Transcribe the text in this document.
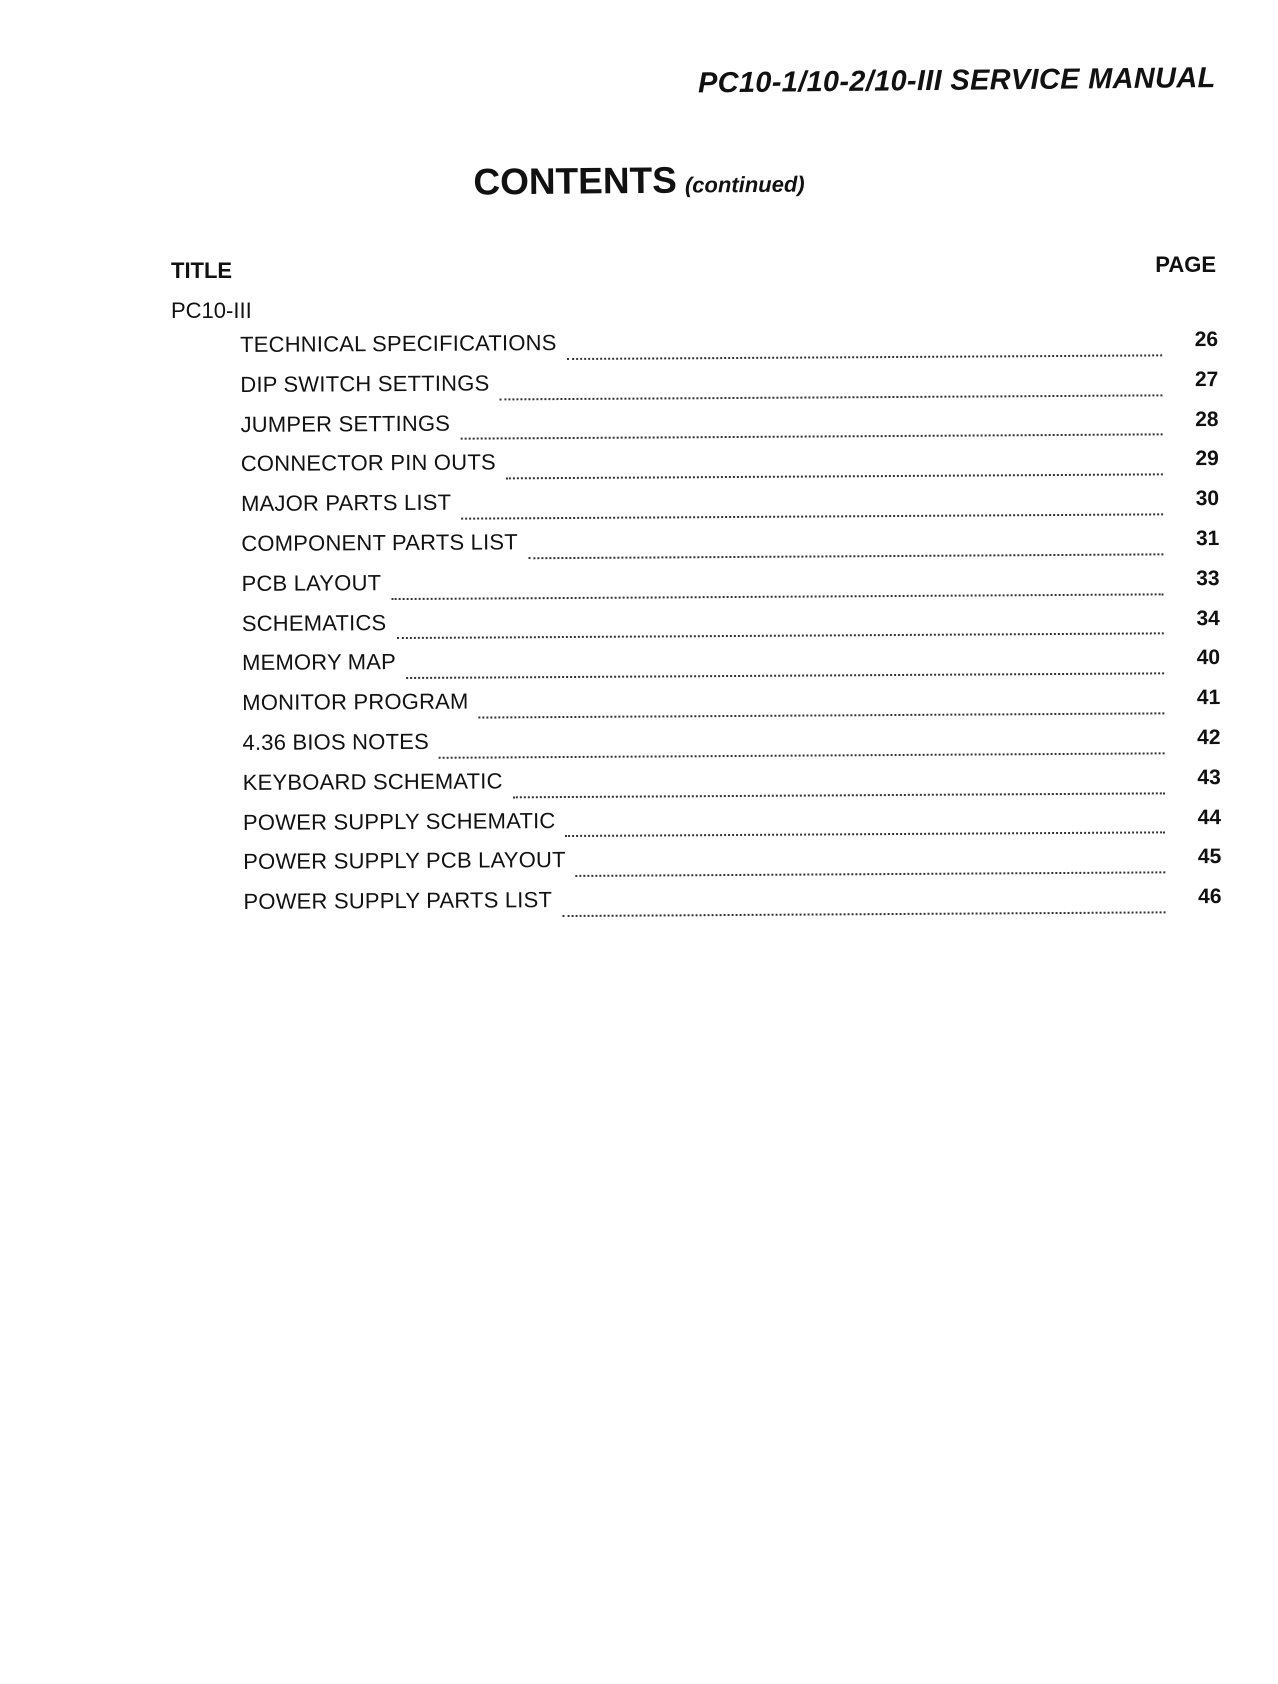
PC10-1/10-2/10-III SERVICE MANUAL
CONTENTS (continued)
TITLE	PAGE
PC10-III
TECHNICAL SPECIFICATIONS	26
DIP SWITCH SETTINGS	27
JUMPER SETTINGS	28
CONNECTOR PIN OUTS	29
MAJOR PARTS LIST	30
COMPONENT PARTS LIST	31
PCB LAYOUT	33
SCHEMATICS	34
MEMORY MAP	40
MONITOR PROGRAM	41
4.36 BIOS NOTES	42
KEYBOARD SCHEMATIC	43
POWER SUPPLY SCHEMATIC	44
POWER SUPPLY PCB LAYOUT	45
POWER SUPPLY PARTS LIST	46
